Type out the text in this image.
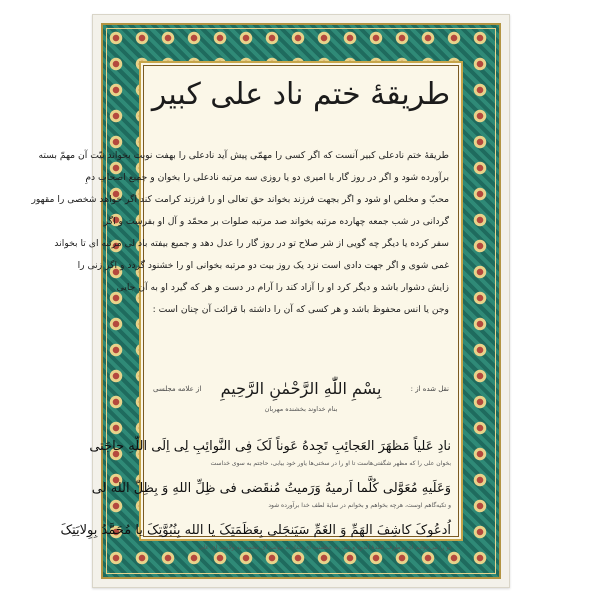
طریقهٔ ختم ناد علی کبیر
طریقهٔ ختم نادعلی کبیر آنست که اگر کسی را مهمّی پیش آید نادعلی را بهفت نوبت بخواند نیّت آن مهمّ بسته
برآورده شود و اگر در روز گار با امیری دو یا روزی سه مرتبه نادعلی را بخوان و جمیع اصحاب دمِ
محبّ و مخلص او شود و اگر بجهت فرزند بخواند حق تعالی او را فرزند کرامت کند اگر خواهد شخصی را مقهور
گردانی در شب جمعه چهارده مرتبه بخواند صد مرتبه صلوات بر محمّد و آل او بفرست و اگر
سفر کرده یا دیگر چه گویی از شر صلاح تو در روز گار را عدل دهد و جمیع بیفته باد لی مرتبه ای تا بخواند
غمی شوی و اگر جهت دادی است نزد یک روز بیت دو مرتبه بخوانی او را خشنود گردد و اگر زنی را
زایش دشوار باشد و دیگر کرد او را آزاد کند را آرام در دست و هر که گیرد او به آن جایی
وجن یا انس محفوظ باشد و هر کسی که آن را داشته با قرائت آن چنان است :
نقل شده از :
از علامه مجلسی	بِسْمِ اللّٰهِ الرَّحْمٰنِ الرَّحِیمِ
بنام خداوند بخشنده مهربان
نادِ عَلیاً مَظهَرَ العَجائِبِ تَجِدهُ عَوناً لَکَ فِی النَّوائِبِ لِی اِلَی اللّهِ حاجَتی
بخوان علی را که مظهر شگفتی‌هاست تا او را در سختی‌ها یاور خود بیابی، حاجتم به سوی خداست
وَعَلَیهِ مُعَوَّلی کُلَّما اَرمیهُ وَرَمیتُ مُنقَضی فی ظِلِّ اللهِ وَ بِظِلّ الله لی
و تکیه‌گاهم اوست، هرچه بخواهم و بخوانم در سایهٔ لطف خدا برآورده شود
اُدعُوکَ کاشِفَ الهَمِّ وَ الغَمِّ سَیَنجَلی بِعَظَمَتِکَ یا الله بِنُبُوَّتِکَ یا مُحَمَّدُ بِوِلایَتِکَ
تو را می‌خوانم ای برطرف کنندهٔ اندوه و غم، به عظمتت ای خدا، به نبوتت ای محمد، به ولایتت ای علی
